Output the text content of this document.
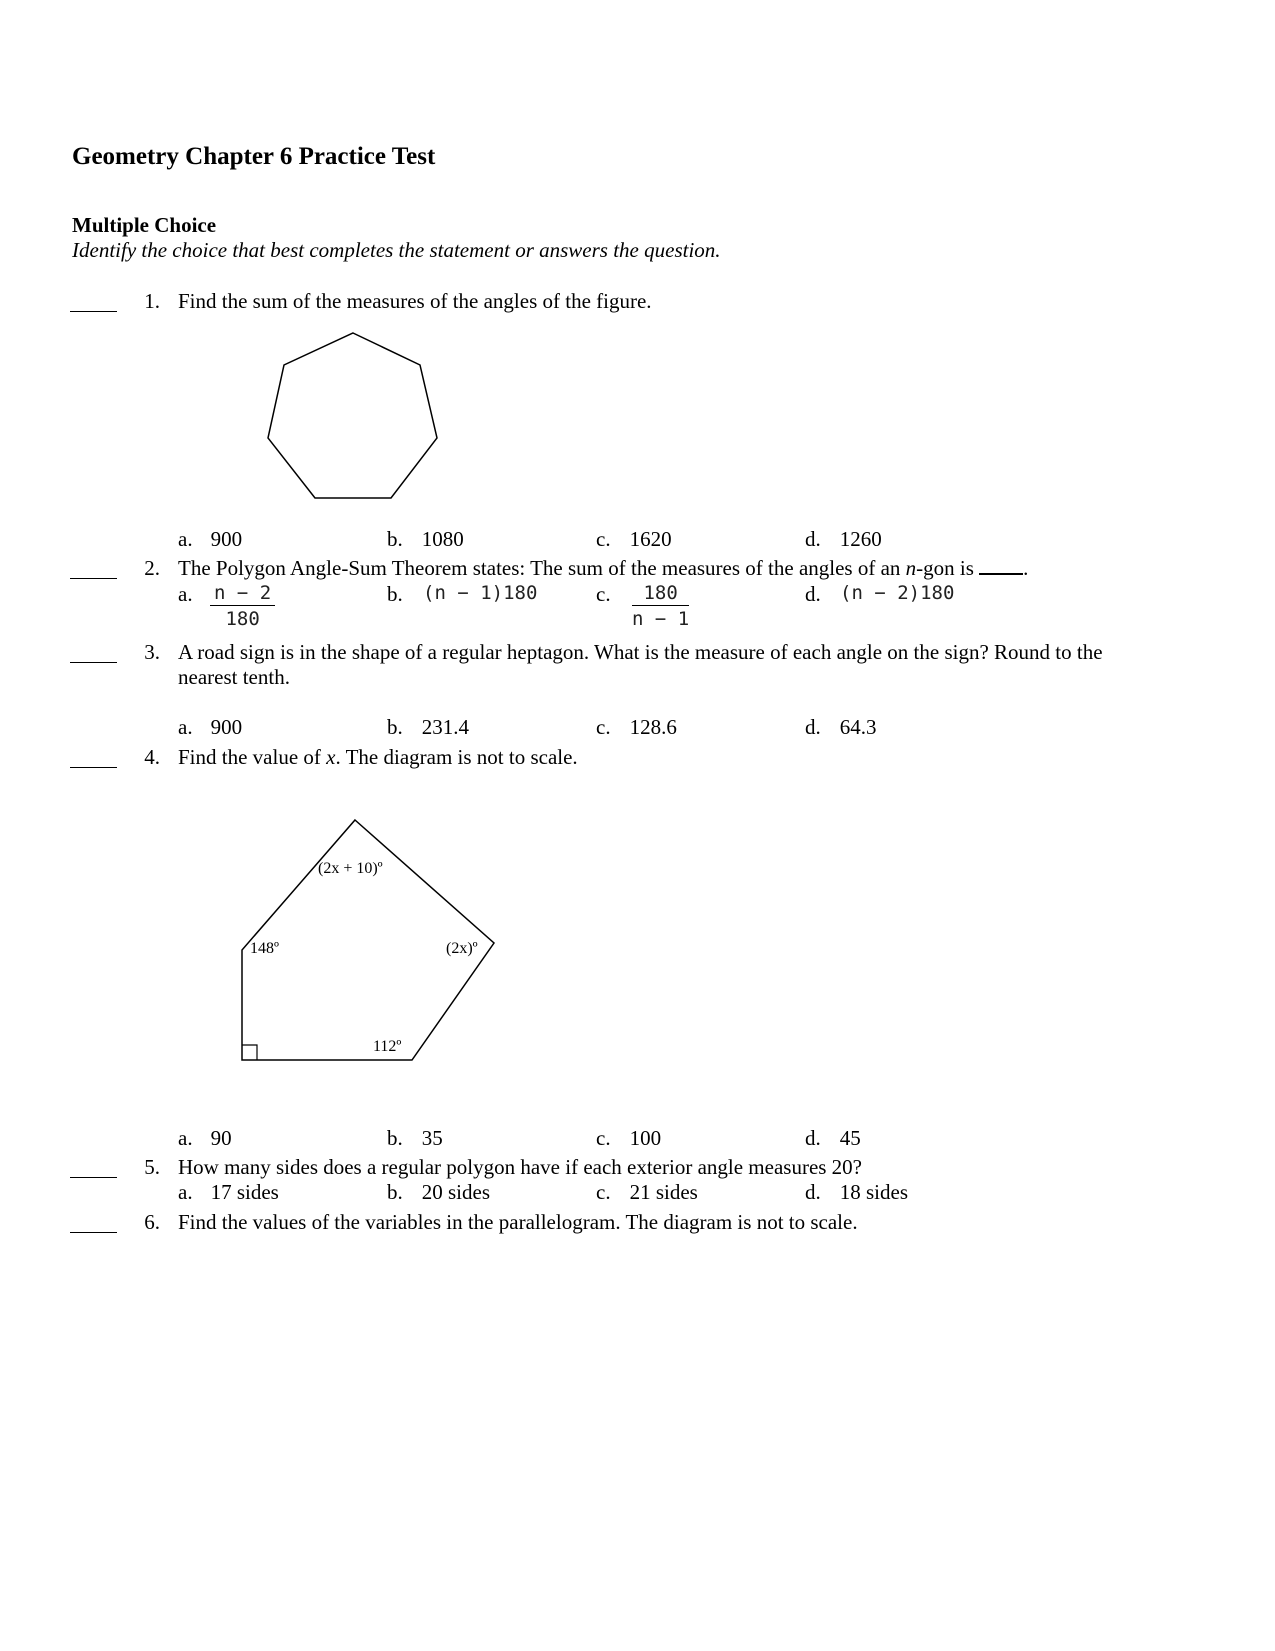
Geometry Chapter 6 Practice Test
Multiple Choice
Identify the choice that best completes the statement or answers the question.
1. Find the sum of the measures of the angles of the figure.
a. 900	b. 1080	c. 1620	d. 1260
2. The Polygon Angle-Sum Theorem states: The sum of the measures of the angles of an n-gon is .
a. $\frac{n - 2}{180}$	b. (n − 1)180	c. $\frac{180}{n - 1}$	d. (n − 2)180
3. A road sign is in the shape of a regular heptagon. What is the measure of each angle on the sign? Round to the
nearest tenth.
a. 900	b. 231.4	c. 128.6	d. 64.3
4. Find the value of x. The diagram is not to scale.
(2x + 10)º
148º	(2x)º
112º
a. 90	b. 35	c. 100	d. 45
5. How many sides does a regular polygon have if each exterior angle measures 20?
a. 17 sides	b. 20 sides	c. 21 sides	d. 18 sides
6. Find the values of the variables in the parallelogram. The diagram is not to scale.
